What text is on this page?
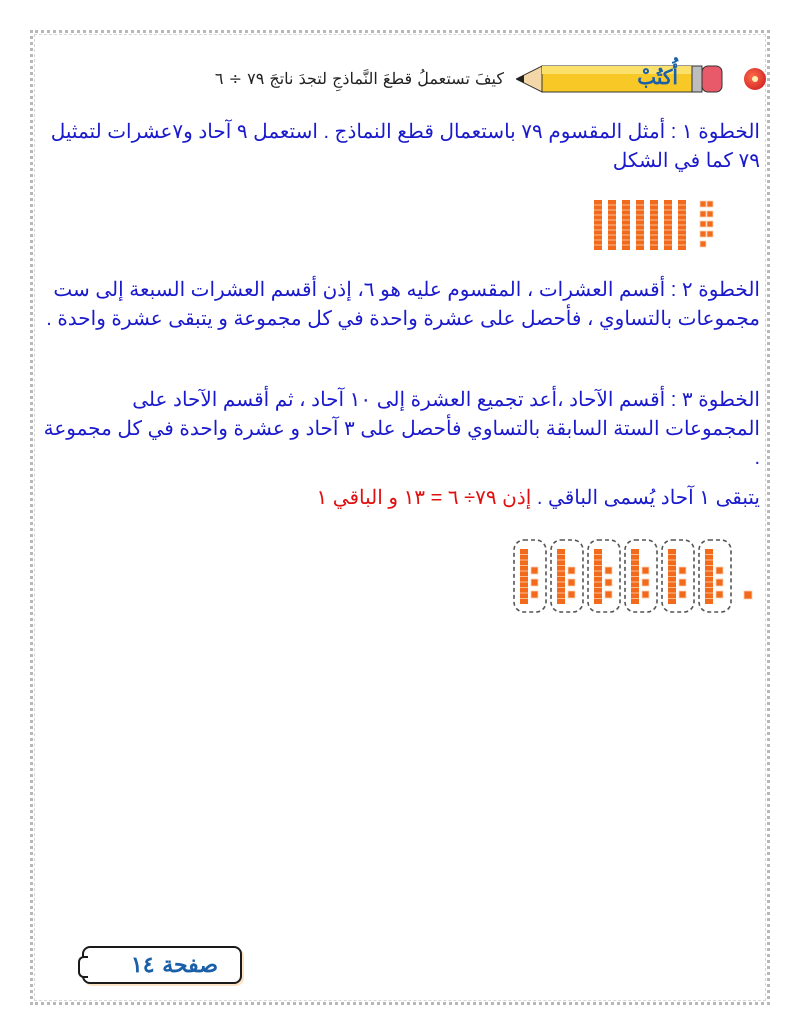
أُكتُبْ
كيفَ تستعملُ قطعَ النَّماذجِ لتجدَ ناتجَ ٧٩ ÷ ٦
الخطوة ١ : أمثل المقسوم ٧٩ باستعمال قطع النماذج . استعمل ٩ آحاد و٧عشرات لتمثيل ٧٩ كما في الشكل
الخطوة ٢ : أقسم العشرات ، المقسوم عليه هو ٦، إذن أقسم العشرات السبعة إلى ست مجموعات بالتساوي ، فأحصل على عشرة واحدة في كل مجموعة و يتبقى عشرة واحدة .
الخطوة ٣ : أقسم الآحاد ،أعد تجميع العشرة إلى ١٠ آحاد ، ثم أقسم الآحاد على المجموعات الستة السابقة بالتساوي فأحصل على ٣ آحاد و عشرة واحدة في كل مجموعة .
يتبقى ١ آحاد يُسمى الباقي . إذن ٧٩÷ ٦ = ١٣ و الباقي ١
صفحة ١٤
